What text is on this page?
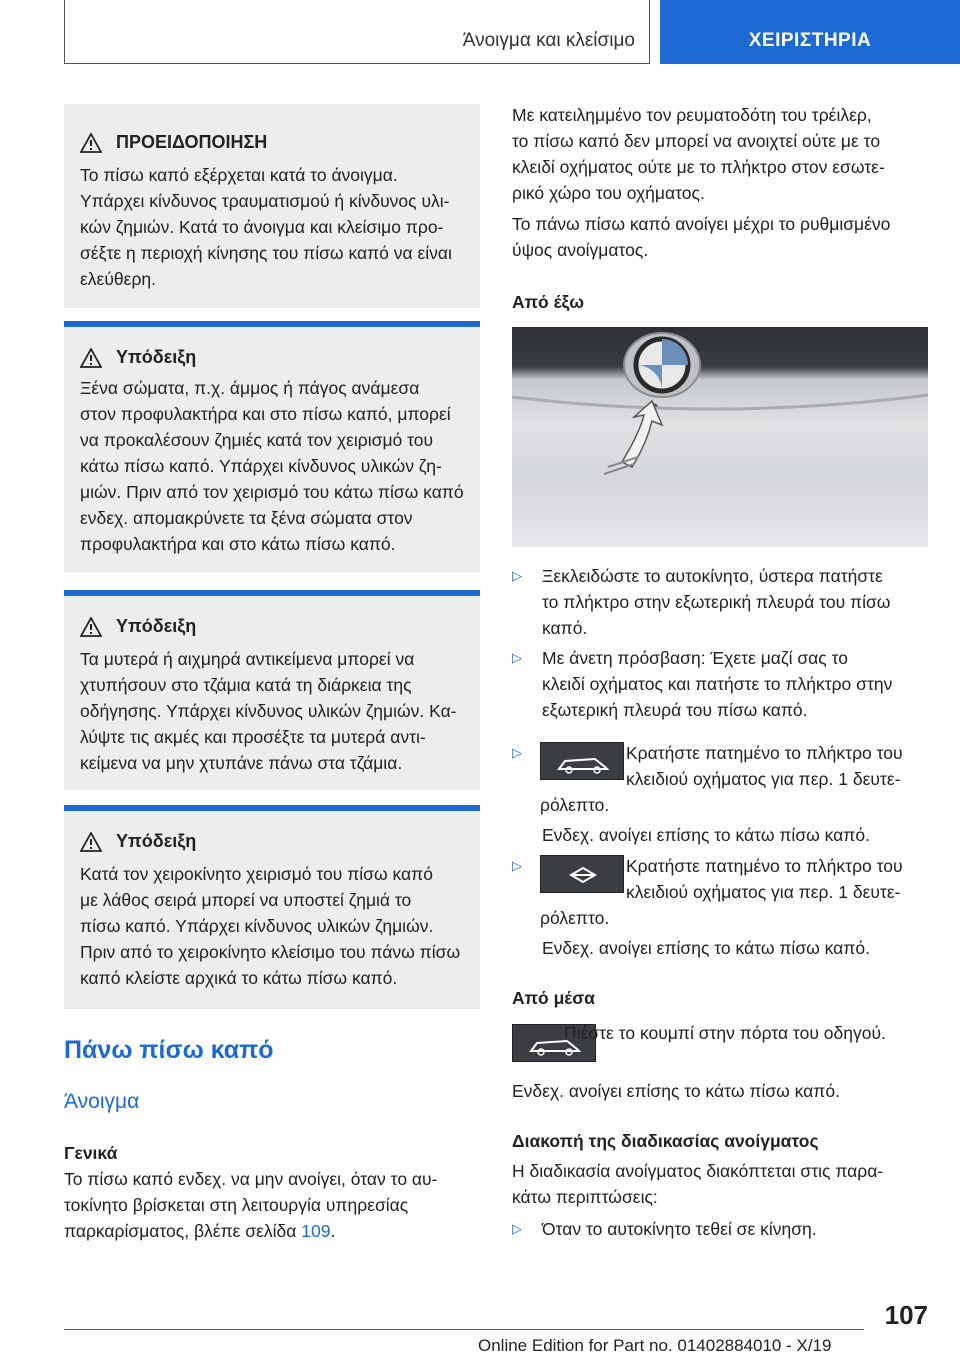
Άνοιγμα και κλείσιμο	ΧΕΙΡΙΣΤΗΡΙΑ
ΠΡΟΕΙΔΟΠΟΙΗΣΗ
Το πίσω καπό εξέρχεται κατά το άνοιγμα.
Υπάρχει κίνδυνος τραυματισμού ή κίνδυνος υλι-
κών ζημιών. Κατά το άνοιγμα και κλείσιμο προ-
σέξτε η περιοχή κίνησης του πίσω καπό να είναι
ελεύθερη.
Υπόδειξη
Ξένα σώματα, π.χ. άμμος ή πάγος ανάμεσα
στον προφυλακτήρα και στο πίσω καπό, μπορεί
να προκαλέσουν ζημιές κατά τον χειρισμό του
κάτω πίσω καπό. Υπάρχει κίνδυνος υλικών ζη-
μιών. Πριν από τον χειρισμό του κάτω πίσω καπό
ενδεχ. απομακρύνετε τα ξένα σώματα στον
προφυλακτήρα και στο κάτω πίσω καπό.
Υπόδειξη
Τα μυτερά ή αιχμηρά αντικείμενα μπορεί να
χτυπήσουν στο τζάμια κατά τη διάρκεια της
οδήγησης. Υπάρχει κίνδυνος υλικών ζημιών. Κα-
λύψτε τις ακμές και προσέξτε τα μυτερά αντι-
κείμενα να μην χτυπάνε πάνω στα τζάμια.
Υπόδειξη
Κατά τον χειροκίνητο χειρισμό του πίσω καπό
με λάθος σειρά μπορεί να υποστεί ζημιά το
πίσω καπό. Υπάρχει κίνδυνος υλικών ζημιών.
Πριν από το χειροκίνητο κλείσιμο του πάνω πίσω
καπό κλείστε αρχικά το κάτω πίσω καπό.
Πάνω πίσω καπό
Άνοιγμα

Γενικά

Το πίσω καπό ενδεχ. να μην ανοίγει, όταν το αυ-
τοκίνητο βρίσκεται στη λειτουργία υπηρεσίας
παρκαρίσματος, βλέπε σελίδα 109.
Με κατειλημμένο τον ρευματοδότη του τρέιλερ,
το πίσω καπό δεν μπορεί να ανοιχτεί ούτε με το
κλειδί οχήματος ούτε με το πλήκτρο στον εσωτε-
ρικό χώρο του οχήματος.
Το πάνω πίσω καπό ανοίγει μέχρι το ρυθμισμένο
ύψος ανοίγματος.
Από έξω
▷ Ξεκλειδώστε το αυτοκίνητο, ύστερα πατήστε
το πλήκτρο στην εξωτερική πλευρά του πίσω
καπό.
▷ Με άνετη πρόσβαση: Έχετε μαζί σας το
κλειδί οχήματος και πατήστε το πλήκτρο στην
εξωτερική πλευρά του πίσω καπό.
▷	Κρατήστε πατημένο το πλήκτρο του
κλειδιού οχήματος για περ. 1 δευτε-
ρόλεπτο.
Ενδεχ. ανοίγει επίσης το κάτω πίσω καπό.
▷	Κρατήστε πατημένο το πλήκτρο του
κλειδιού οχήματος για περ. 1 δευτε-
ρόλεπτο.
Ενδεχ. ανοίγει επίσης το κάτω πίσω καπό.
Από μέσα
Πιέστε το κουμπί στην πόρτα του οδηγού.
Ενδεχ. ανοίγει επίσης το κάτω πίσω καπό.
Διακοπή της διαδικασίας ανοίγματος
Η διαδικασία ανοίγματος διακόπτεται στις παρα-
κάτω περιπτώσεις:
▷ Όταν το αυτοκίνητο τεθεί σε κίνηση.
107
Online Edition for Part no. 01402884010 - X/19
